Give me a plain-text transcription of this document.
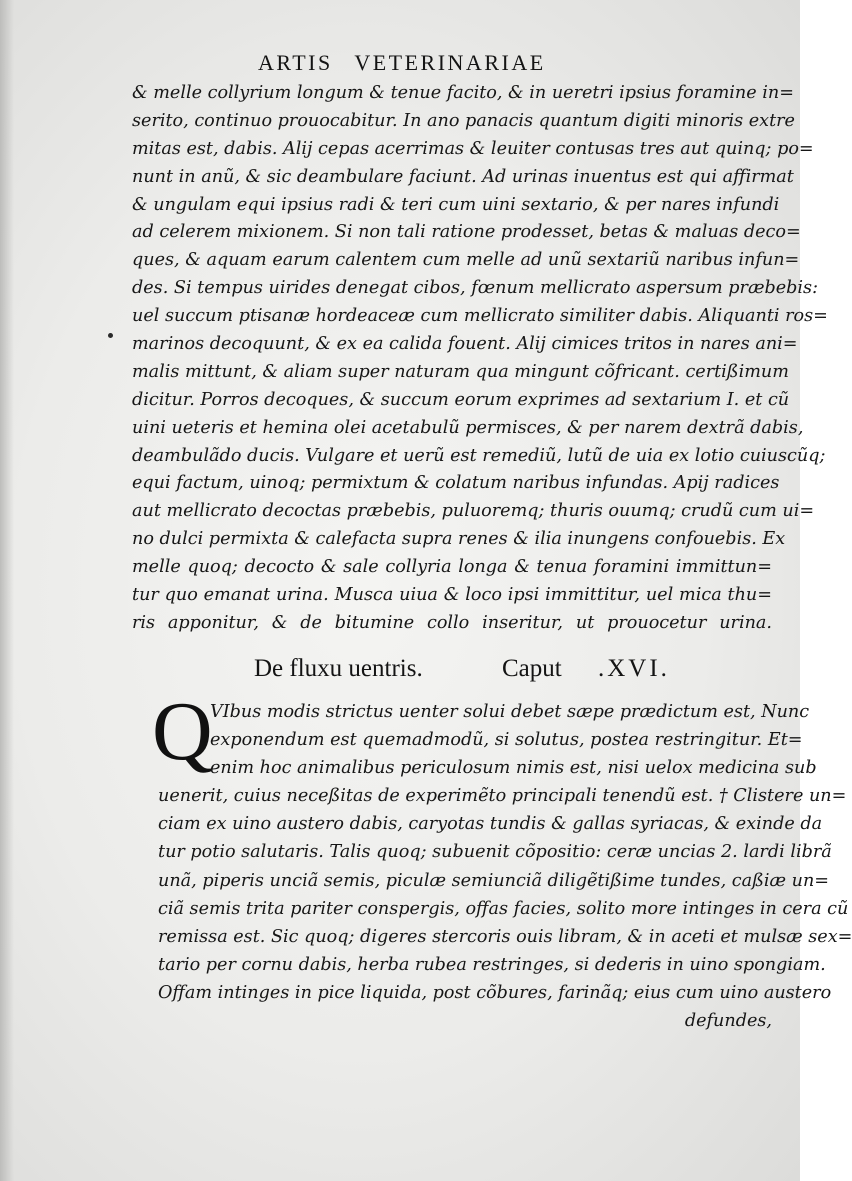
ARTIS VETERINARIAE
& melle collyrium longum & tenue facito, & in ueretri ipsius foramine in=
serito, continuo prouocabitur. In ano panacis quantum digiti minoris extre
mitas est, dabis. Alij cepas acerrimas & leuiter contusas tres aut quinq; po=
nunt in anũ, & sic deambulare faciunt. Ad urinas inuentus est qui affirmat
& ungulam equi ipsius radi & teri cum uini sextario, & per nares infundi
ad celerem mixionem. Si non tali ratione prodesset, betas & maluas deco=
ques, & aquam earum calentem cum melle ad unũ sextariũ naribus infun=
des. Si tempus uirides denegat cibos, fœnum mellicrato aspersum præbebis:
uel succum ptisanæ hordeaceæ cum mellicrato similiter dabis. Aliquanti ros=
marinos decoquunt, & ex ea calida fouent. Alij cimices tritos in nares ani=
malis mittunt, & aliam super naturam qua mingunt cõfricant. certißimum
dicitur. Porros decoques, & succum eorum exprimes ad sextarium I. et cũ
uini ueteris et hemina olei acetabulũ permisces, & per narem dextrã dabis,
deambulãdo ducis. Vulgare et uerũ est remediũ, lutũ de uia ex lotio cuiuscũq;
equi factum, uinoq; permixtum & colatum naribus infundas. Apij radices
aut mellicrato decoctas præbebis, puluoremq; thuris ouumq; crudũ cum ui=
no dulci permixta & calefacta supra renes & ilia inungens confouebis. Ex
melle quoq; decocto & sale collyria longa & tenua foramini immittun=
tur quo emanat urina. Musca uiua & loco ipsi immittitur, uel mica thu=
ris apponitur, & de bitumine collo inseritur, ut prouocetur urina.
De fluxu uentris.	Caput .XVI.
Q
VIbus modis strictus uenter solui debet sæpe prædictum est, Nunc
exponendum est quemadmodũ, si solutus, postea restringitur. Et=
enim hoc animalibus periculosum nimis est, nisi uelox medicina sub
uenerit, cuius neceßitas de experimẽto principali tenendũ est. † Clistere un=
ciam ex uino austero dabis, caryotas tundis & gallas syriacas, & exinde da
tur potio salutaris. Talis quoq; subuenit cõpositio: ceræ uncias 2. lardi librã
unã, piperis unciã semis, piculæ semiunciã diligẽtißime tundes, caßiæ un=
ciã semis trita pariter conspergis, offas facies, solito more intinges in cera cũ
remissa est. Sic quoq; digeres stercoris ouis libram, & in aceti et mulsæ sex=
tario per cornu dabis, herba rubea restringes, si dederis in uino spongiam.
Offam intinges in pice liquida, post cõbures, farinãq; eius cum uino austero
defundes,
